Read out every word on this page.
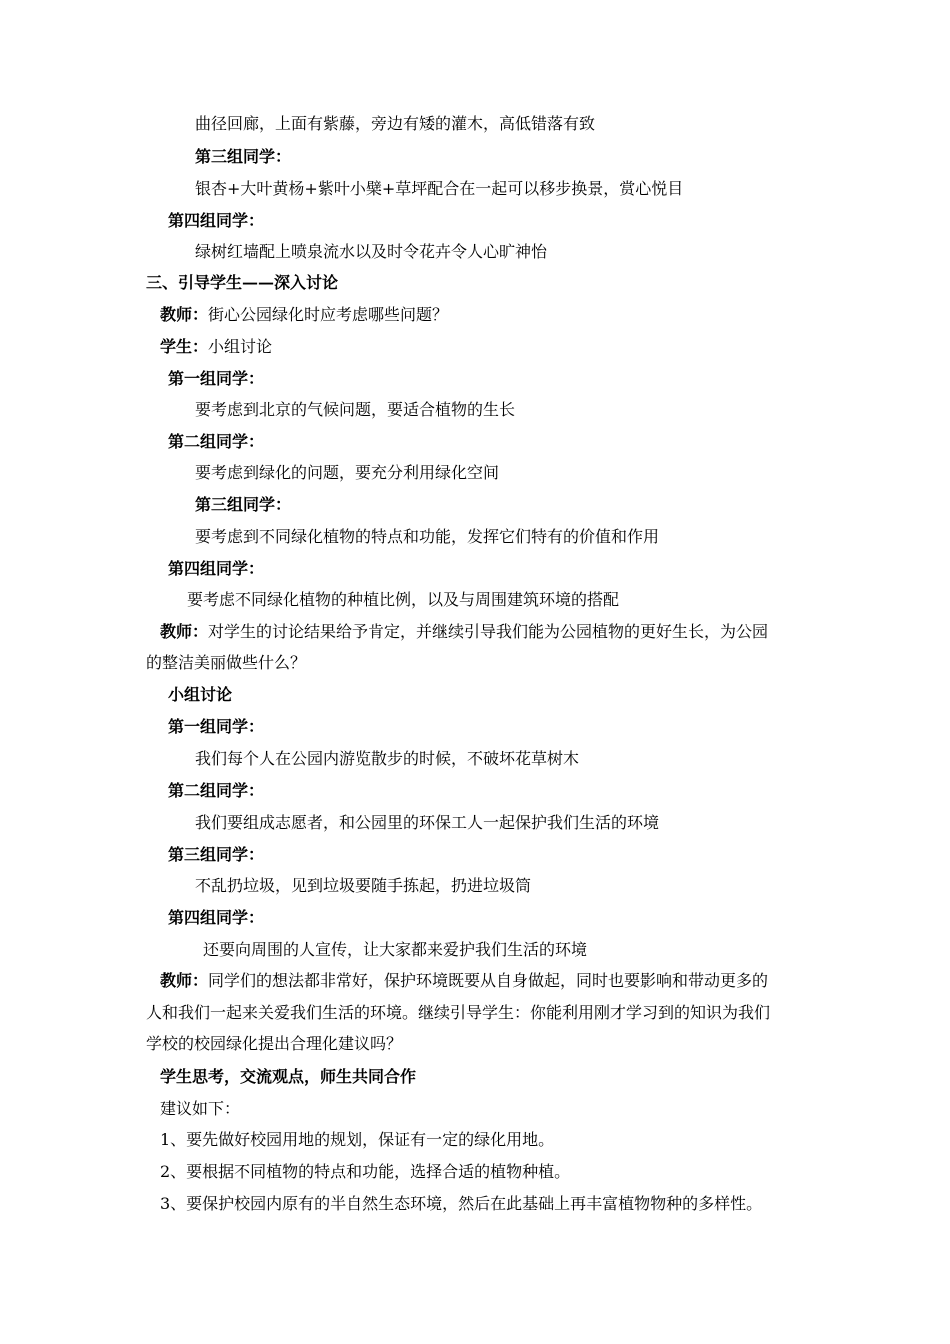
曲径回廊，上面有紫藤，旁边有矮的灌木，高低错落有致

第三组同学：

银杏+大叶黄杨+紫叶小檗+草坪配合在一起可以移步换景，赏心悦目

第四组同学：

绿树红墙配上喷泉流水以及时令花卉令人心旷神怡

三、引导学生——深入讨论

教师：街心公园绿化时应考虑哪些问题？

学生：小组讨论

第一组同学：

要考虑到北京的气候问题，要适合植物的生长

第二组同学：

要考虑到绿化的问题，要充分利用绿化空间

第三组同学：

要考虑到不同绿化植物的特点和功能，发挥它们特有的价值和作用

第四组同学：

要考虑不同绿化植物的种植比例，以及与周围建筑环境的搭配

教师：对学生的讨论结果给予肯定，并继续引导我们能为公园植物的更好生长，为公园

的整洁美丽做些什么？

小组讨论

第一组同学：

我们每个人在公园内游览散步的时候，不破坏花草树木

第二组同学：

我们要组成志愿者，和公园里的环保工人一起保护我们生活的环境

第三组同学：

不乱扔垃圾，见到垃圾要随手拣起，扔进垃圾筒

第四组同学：

还要向周围的人宣传，让大家都来爱护我们生活的环境

教师：同学们的想法都非常好，保护环境既要从自身做起，同时也要影响和带动更多的

人和我们一起来关爱我们生活的环境。继续引导学生：你能利用刚才学习到的知识为我们

学校的校园绿化提出合理化建议吗？

学生思考，交流观点，师生共同合作

建议如下：

1、要先做好校园用地的规划，保证有一定的绿化用地。

2、要根据不同植物的特点和功能，选择合适的植物种植。

3、要保护校园内原有的半自然生态环境，然后在此基础上再丰富植物物种的多样性。
